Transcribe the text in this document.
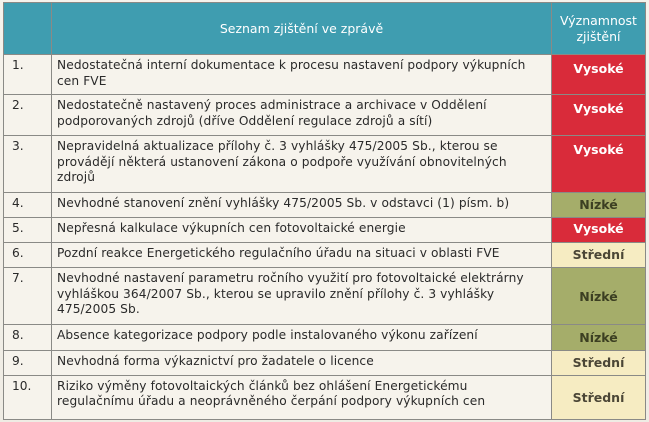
	Seznam zjištění ve zprávě	Významnost zjištění
1.	Nedostatečná interní dokumentace k procesu nastavení podpory výkupních cen FVE	Vysoké
2.	Nedostatečně nastavený proces administrace a archivace v Oddělení podporovaných zdrojů (dříve Oddělení regulace zdrojů a sítí)	Vysoké
3.	Nepravidelná aktualizace přílohy č. 3 vyhlášky 475/2005 Sb., kterou se provádějí některá ustanovení zákona o podpoře využívání obnovitelných zdrojů	Vysoké
4.	Nevhodné stanovení znění vyhlášky 475/2005 Sb. v odstavci (1) písm. b)	Nízké
5.	Nepřesná kalkulace výkupních cen fotovoltaické energie	Vysoké
6.	Pozdní reakce Energetického regulačního úřadu na situaci v oblasti FVE	Střední
7.	Nevhodné nastavení parametru ročního využití pro fotovoltaické elektrárny vyhláškou 364/2007 Sb., kterou se upravilo znění přílohy č. 3 vyhlášky 475/2005 Sb.	Nízké
8.	Absence kategorizace podpory podle instalovaného výkonu zařízení	Nízké
9.	Nevhodná forma výkaznictví pro žadatele o licence	Střední
10.	Riziko výměny fotovoltaických článků bez ohlášení Energetickému regulačnímu úřadu a neoprávněného čerpání podpory výkupních cen	Střední
